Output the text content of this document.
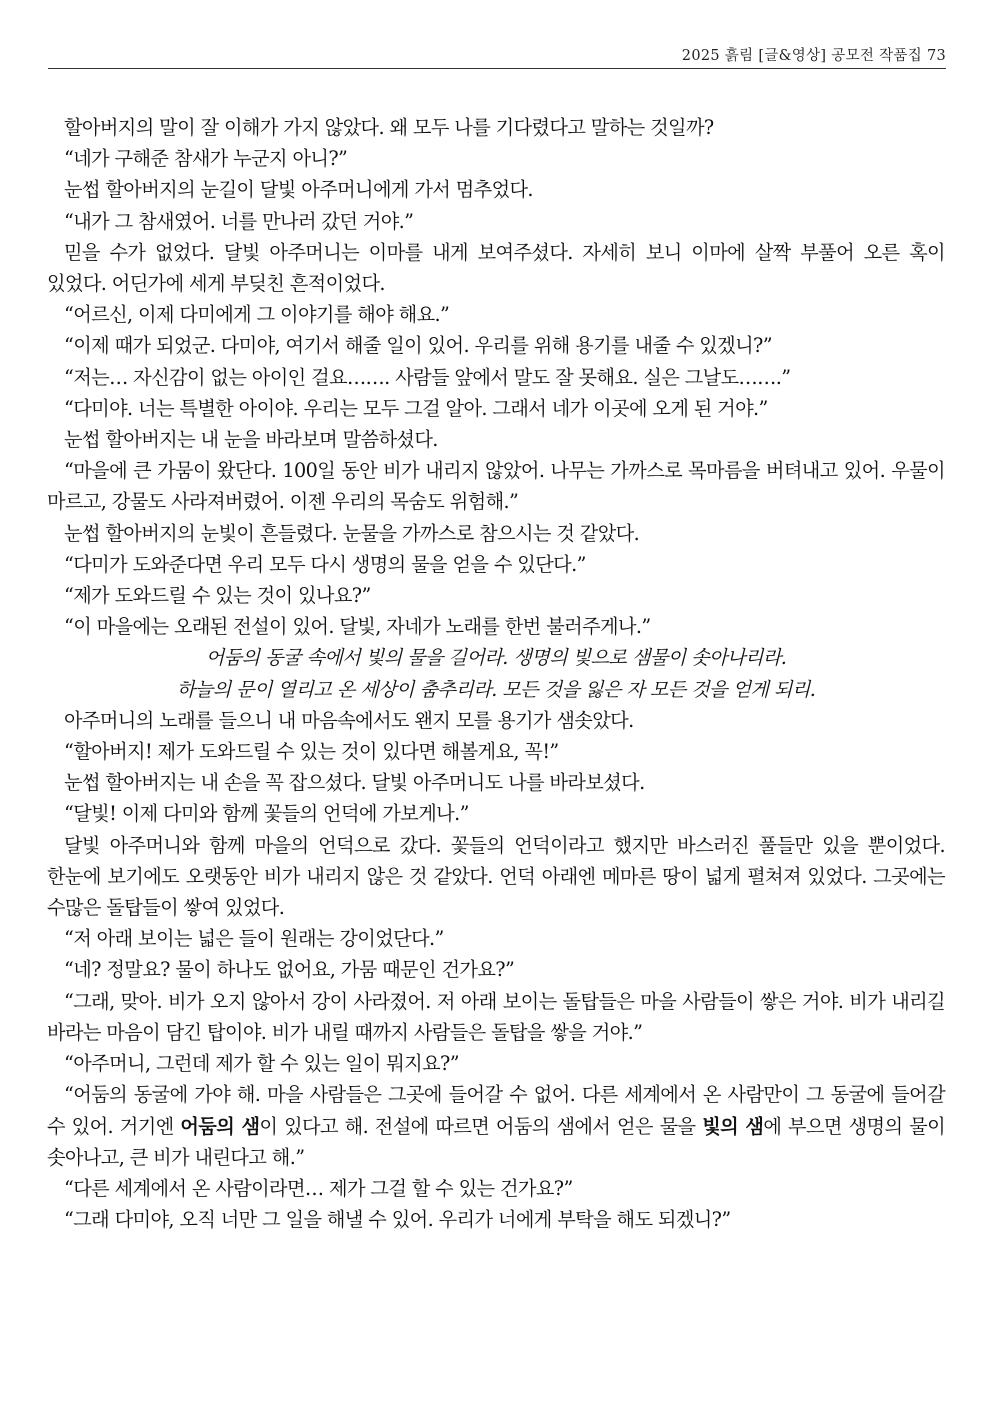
2025 흙림 [글&영상] 공모전 작품집 73

할아버지의 말이 잘 이해가 가지 않았다. 왜 모두 나를 기다렸다고 말하는 것일까?

“네가 구해준 참새가 누군지 아니?”

눈썹 할아버지의 눈길이 달빛 아주머니에게 가서 멈추었다.

“내가 그 참새였어. 너를 만나러 갔던 거야.”

믿을 수가 없었다. 달빛 아주머니는 이마를 내게 보여주셨다. 자세히 보니 이마에 살짝 부풀어 오른 혹이 있었다. 어딘가에 세게 부딪친 흔적이었다.

“어르신, 이제 다미에게 그 이야기를 해야 해요.”

“이제 때가 되었군. 다미야, 여기서 해줄 일이 있어. 우리를 위해 용기를 내줄 수 있겠니?”

“저는… 자신감이 없는 아이인 걸요……. 사람들 앞에서 말도 잘 못해요. 실은 그날도…….”

“다미야. 너는 특별한 아이야. 우리는 모두 그걸 알아. 그래서 네가 이곳에 오게 된 거야.”

눈썹 할아버지는 내 눈을 바라보며 말씀하셨다.

“마을에 큰 가뭄이 왔단다. 100일 동안 비가 내리지 않았어. 나무는 가까스로 목마름을 버텨내고 있어. 우물이 마르고, 강물도 사라져버렸어. 이젠 우리의 목숨도 위험해.”

눈썹 할아버지의 눈빛이 흔들렸다. 눈물을 가까스로 참으시는 것 같았다.

“다미가 도와준다면 우리 모두 다시 생명의 물을 얻을 수 있단다.”

“제가 도와드릴 수 있는 것이 있나요?”

“이 마을에는 오래된 전설이 있어. 달빛, 자네가 노래를 한번 불러주게나.”

어둠의 동굴 속에서 빛의 물을 길어라. 생명의 빛으로 샘물이 솟아나리라.

하늘의 문이 열리고 온 세상이 춤추리라. 모든 것을 잃은 자 모든 것을 얻게 되리.

아주머니의 노래를 들으니 내 마음속에서도 왠지 모를 용기가 샘솟았다.

“할아버지! 제가 도와드릴 수 있는 것이 있다면 해볼게요, 꼭!”

눈썹 할아버지는 내 손을 꼭 잡으셨다. 달빛 아주머니도 나를 바라보셨다.

“달빛! 이제 다미와 함께 꽃들의 언덕에 가보게나.”

달빛 아주머니와 함께 마을의 언덕으로 갔다. 꽃들의 언덕이라고 했지만 바스러진 풀들만 있을 뿐이었다. 한눈에 보기에도 오랫동안 비가 내리지 않은 것 같았다. 언덕 아래엔 메마른 땅이 넓게 펼쳐져 있었다. 그곳에는 수많은 돌탑들이 쌓여 있었다.

“저 아래 보이는 넓은 들이 원래는 강이었단다.”

“네? 정말요? 물이 하나도 없어요, 가뭄 때문인 건가요?”

“그래, 맞아. 비가 오지 않아서 강이 사라졌어. 저 아래 보이는 돌탑들은 마을 사람들이 쌓은 거야. 비가 내리길 바라는 마음이 담긴 탑이야. 비가 내릴 때까지 사람들은 돌탑을 쌓을 거야.”

“아주머니, 그런데 제가 할 수 있는 일이 뭐지요?”

“어둠의 동굴에 가야 해. 마을 사람들은 그곳에 들어갈 수 없어. 다른 세계에서 온 사람만이 그 동굴에 들어갈 수 있어. 거기엔 어둠의 샘이 있다고 해. 전설에 따르면 어둠의 샘에서 얻은 물을 빛의 샘에 부으면 생명의 물이 솟아나고, 큰 비가 내린다고 해.”

“다른 세계에서 온 사람이라면… 제가 그걸 할 수 있는 건가요?”

“그래 다미야, 오직 너만 그 일을 해낼 수 있어. 우리가 너에게 부탁을 해도 되겠니?”
